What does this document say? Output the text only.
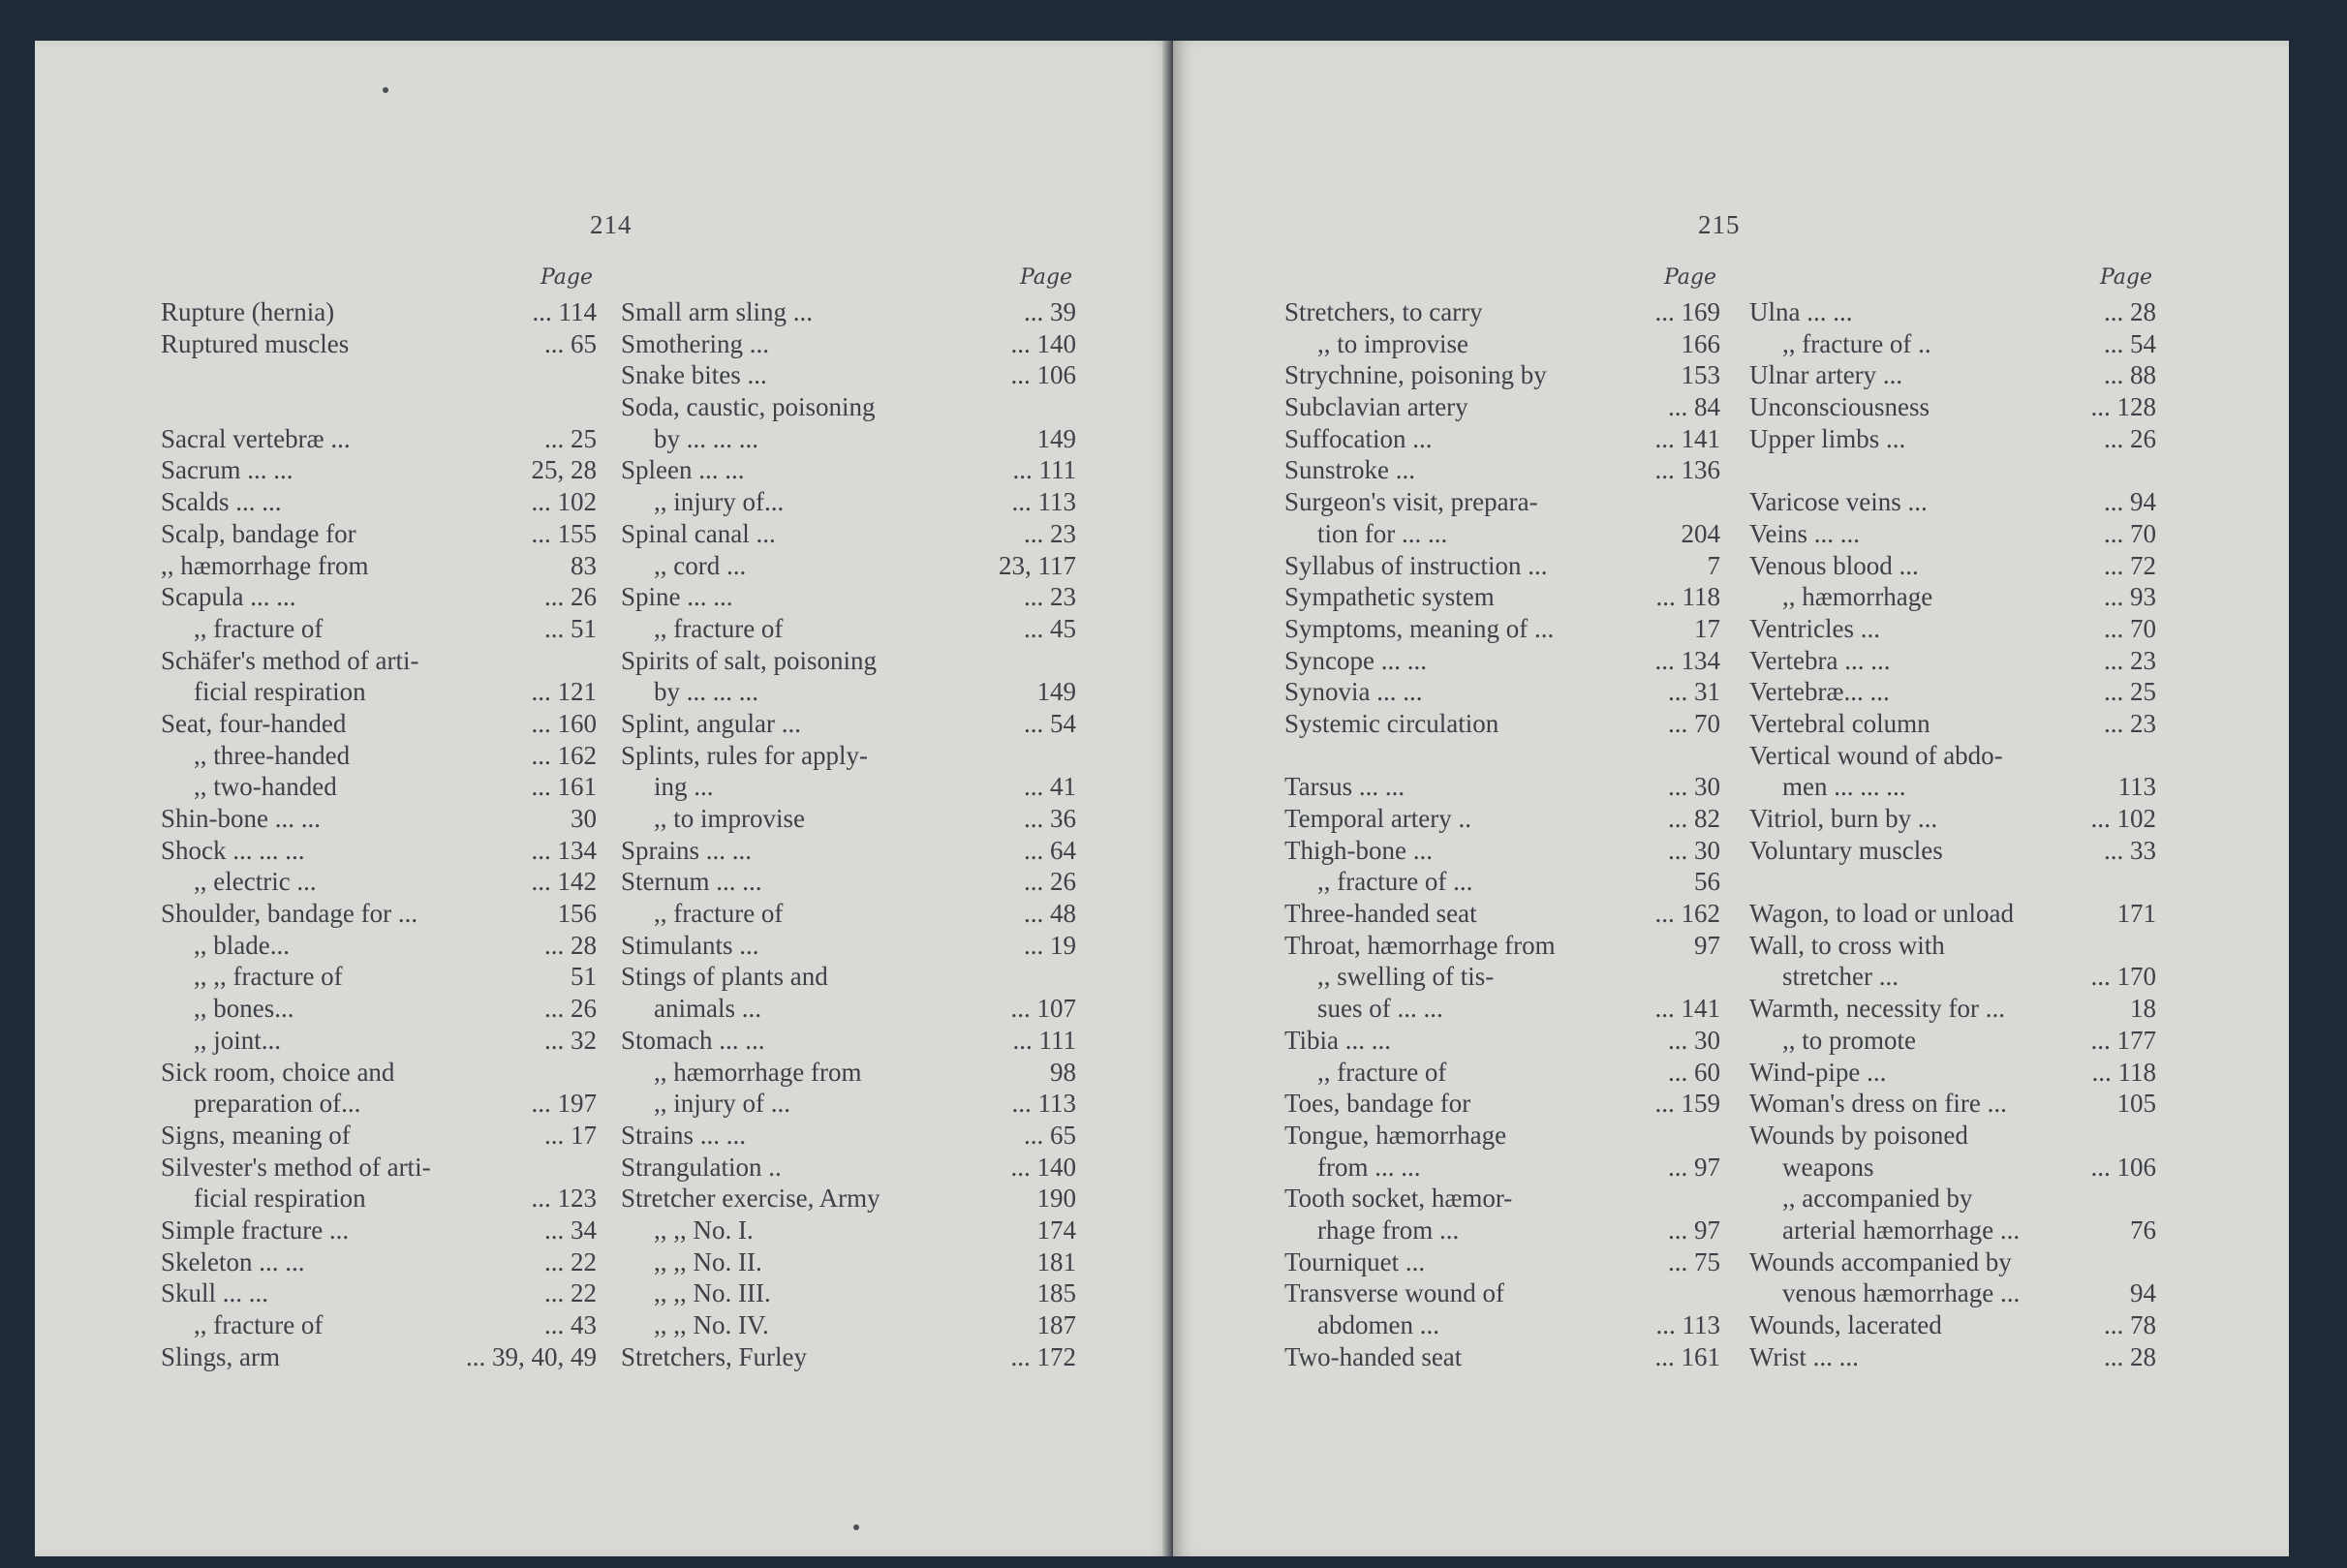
214
Page
Rupture (hernia)	... 114
Ruptured muscles	... 65
Sacral vertebræ ...	... 25
Sacrum ... ...	25, 28
Scalds ... ...	... 102
Scalp, bandage for	... 155
,, hæmorrhage from	83
Scapula ... ...	... 26
,, fracture of	... 51
Schäfer's method of arti-
ficial respiration	... 121
Seat, four-handed	... 160
,, three-handed	... 162
,, two-handed	... 161
Shin-bone ... ...	30
Shock ... ... ...	... 134
,, electric ...	... 142
Shoulder, bandage for ...	156
,, blade...	... 28
,, ,, fracture of	51
,, bones...	... 26
,, joint...	... 32
Sick room, choice and
preparation of...	... 197
Signs, meaning of	... 17
Silvester's method of arti-
ficial respiration	... 123
Simple fracture ...	... 34
Skeleton ... ...	... 22
Skull ... ...	... 22
,, fracture of	... 43
Slings, arm	... 39, 40, 49
Page
Small arm sling ...	... 39
Smothering ...	... 140
Snake bites ...	... 106
Soda, caustic, poisoning
by ... ... ...	149
Spleen ... ...	... 111
,, injury of...	... 113
Spinal canal ...	... 23
,, cord ...	23, 117
Spine ... ...	... 23
,, fracture of	... 45
Spirits of salt, poisoning
by ... ... ...	149
Splint, angular ...	... 54
Splints, rules for apply-
ing ...	... 41
,, to improvise	... 36
Sprains ... ...	... 64
Sternum ... ...	... 26
,, fracture of	... 48
Stimulants ...	... 19
Stings of plants and
animals ...	... 107
Stomach ... ...	... 111
,, hæmorrhage from	98
,, injury of ...	... 113
Strains ... ...	... 65
Strangulation ..	... 140
Stretcher exercise, Army	190
,, ,, No. I.	174
,, ,, No. II.	181
,, ,, No. III.	185
,, ,, No. IV.	187
Stretchers, Furley	... 172
215
Page
Stretchers, to carry	... 169
,, to improvise	166
Strychnine, poisoning by	153
Subclavian artery	... 84
Suffocation ...	... 141
Sunstroke ...	... 136
Surgeon's visit, prepara-
tion for ... ...	204
Syllabus of instruction ...	7
Sympathetic system	... 118
Symptoms, meaning of ...	17
Syncope ... ...	... 134
Synovia ... ...	... 31
Systemic circulation	... 70
Tarsus ... ...	... 30
Temporal artery ..	... 82
Thigh-bone ...	... 30
,, fracture of ...	56
Three-handed seat	... 162
Throat, hæmorrhage from	97
,, swelling of tis-
sues of ... ...	... 141
Tibia ... ...	... 30
,, fracture of	... 60
Toes, bandage for	... 159
Tongue, hæmorrhage
from ... ...	... 97
Tooth socket, hæmor-
rhage from ...	... 97
Tourniquet ...	... 75
Transverse wound of
abdomen ...	... 113
Two-handed seat	... 161
Page
Ulna ... ...	... 28
,, fracture of ..	... 54
Ulnar artery ...	... 88
Unconsciousness	... 128
Upper limbs ...	... 26
Varicose veins ...	... 94
Veins ... ...	... 70
Venous blood ...	... 72
,, hæmorrhage	... 93
Ventricles ...	... 70
Vertebra ... ...	... 23
Vertebræ... ...	... 25
Vertebral column	... 23
Vertical wound of abdo-
men ... ... ...	113
Vitriol, burn by ...	... 102
Voluntary muscles	... 33
Wagon, to load or unload	171
Wall, to cross with
stretcher ...	... 170
Warmth, necessity for ...	18
,, to promote	... 177
Wind-pipe ...	... 118
Woman's dress on fire ...	105
Wounds by poisoned
weapons	... 106
,, accompanied by
arterial hæmorrhage ...	76
Wounds accompanied by
venous hæmorrhage ...	94
Wounds, lacerated	... 78
Wrist ... ...	... 28
